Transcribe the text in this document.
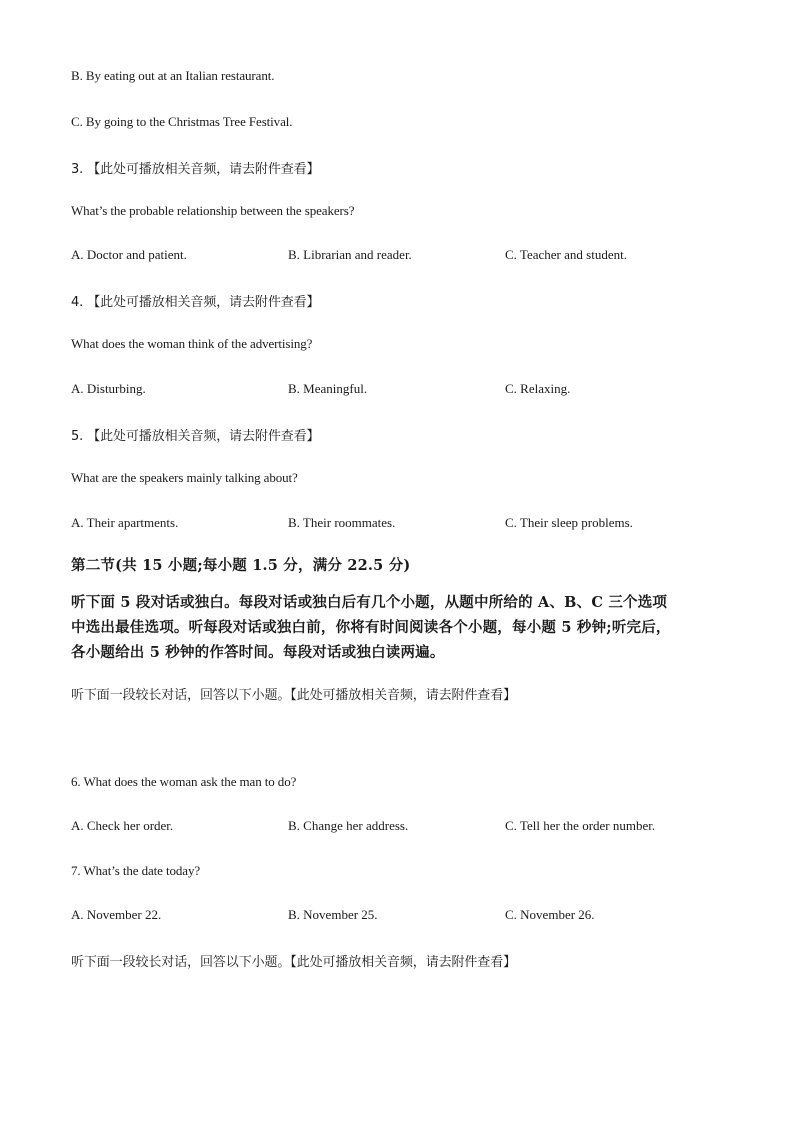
B. By eating out at an Italian restaurant.
C. By going to the Christmas Tree Festival.
3. 【此处可播放相关音频，请去附件查看】
What’s the probable relationship between the speakers?
A. Doctor and patient.	B. Librarian and reader.	C. Teacher and student.
4. 【此处可播放相关音频，请去附件查看】
What does the woman think of the advertising?
A. Disturbing.	B. Meaningful.	C. Relaxing.
5. 【此处可播放相关音频，请去附件查看】
What are the speakers mainly talking about?
A. Their apartments.	B. Their roommates.	C. Their sleep problems.
第二节(共 15 小题;每小题 1.5 分，满分 22.5 分)
听下面 5 段对话或独白。每段对话或独白后有几个小题，从题中所给的 A、B、C 三个选项
中选出最佳选项。听每段对话或独白前，你将有时间阅读各个小题，每小题 5 秒钟;听完后，
各小题给出 5 秒钟的作答时间。每段对话或独白读两遍。
听下面一段较长对话，回答以下小题。【此处可播放相关音频，请去附件查看】
6. What does the woman ask the man to do?
A. Check her order.	B. Change her address.	C. Tell her the order number.
7. What’s the date today?
A. November 22.	B. November 25.	C. November 26.
听下面一段较长对话，回答以下小题。【此处可播放相关音频，请去附件查看】
